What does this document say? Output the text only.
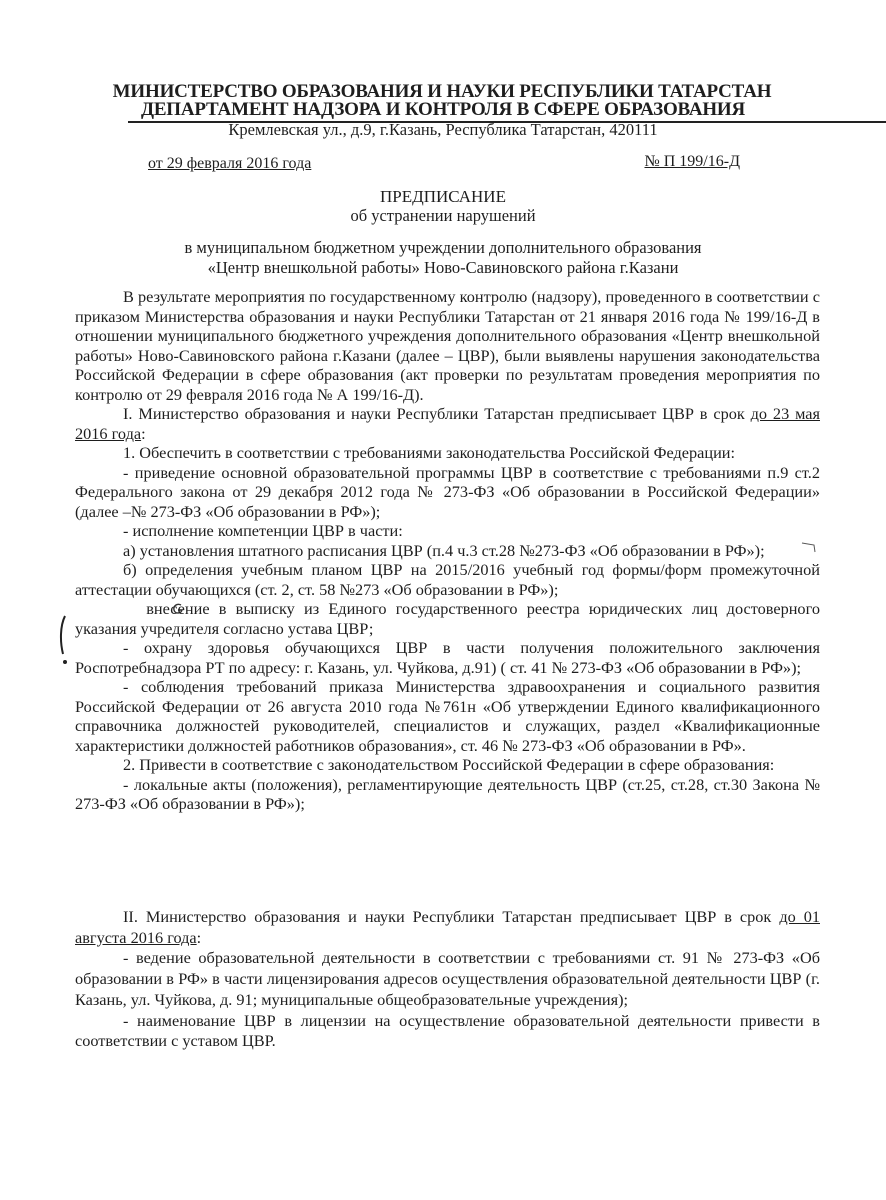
МИНИСТЕРСТВО ОБРАЗОВАНИЯ И НАУКИ РЕСПУБЛИКИ ТАТАРСТАН
ДЕПАРТАМЕНТ НАДЗОРА И КОНТРОЛЯ В СФЕРЕ ОБРАЗОВАНИЯ
Кремлевская ул., д.9, г.Казань, Республика Татарстан, 420111
от 29 февраля 2016 года	№ П 199/16-Д
ПРЕДПИСАНИЕ
об устранении нарушений
в муниципальном бюджетном учреждении дополнительного образования
«Центр внешкольной работы» Ново-Савиновского района г.Казани

В результате мероприятия по государственному контролю (надзору), проведенного в соответствии с приказом Министерства образования и науки Республики Татарстан от 21 января 2016 года № 199/16-Д в отношении муниципального бюджетного учреждения дополнительного образования «Центр внешкольной работы» Ново-Савиновского района г.Казани (далее – ЦВР), были выявлены нарушения законодательства Российской Федерации в сфере образования (акт проверки по результатам проведения мероприятия по контролю от 29 февраля 2016 года № А 199/16-Д).

I. Министерство образования и науки Республики Татарстан предписывает ЦВР в срок до 23 мая 2016 года:

1. Обеспечить в соответствии с требованиями законодательства Российской Федерации:

- приведение основной образовательной программы ЦВР в соответствие с требованиями п.9 ст.2 Федерального закона от 29 декабря 2012 года № 273-ФЗ «Об образовании в Российской Федерации» (далее –№ 273-ФЗ «Об образовании в РФ»);

- исполнение компетенции ЦВР в части:

а) установления штатного расписания ЦВР (п.4 ч.3 ст.28 №273-ФЗ «Об образовании в РФ»);

б) определения учебным планом ЦВР на 2015/2016 учебный год формы/форм промежуточной аттестации обучающихся (ст. 2, ст. 58 №273 «Об образовании в РФ»);

внесение в выписку из Единого государственного реестра юридических лиц достоверного указания учредителя согласно устава ЦВР;

- охрану здоровья обучающихся ЦВР в части получения положительного заключения Роспотребнадзора РТ по адресу: г. Казань, ул. Чуйкова, д.91) ( ст. 41 № 273-ФЗ «Об образовании в РФ»);

- соблюдения требований приказа Министерства здравоохранения и социального развития Российской Федерации от 26 августа 2010 года №761н «Об утверждении Единого квалификационного справочника должностей руководителей, специалистов и служащих, раздел «Квалификационные характеристики должностей работников образования», ст. 46 № 273-ФЗ «Об образовании в РФ».

2. Привести в соответствие с законодательством Российской Федерации в сфере образования:

- локальные акты (положения), регламентирующие деятельность ЦВР (ст.25, ст.28, ст.30 Закона № 273-ФЗ «Об образовании в РФ»);

II. Министерство образования и науки Республики Татарстан предписывает ЦВР в срок до 01 августа 2016 года:

- ведение образовательной деятельности в соответствии с требованиями ст. 91 № 273-ФЗ «Об образовании в РФ» в части лицензирования адресов осуществления образовательной деятельности ЦВР (г. Казань, ул. Чуйкова, д. 91; муниципальные общеобразовательные учреждения);

- наименование ЦВР в лицензии на осуществление образовательной деятельности привести в соответствии с уставом ЦВР.
